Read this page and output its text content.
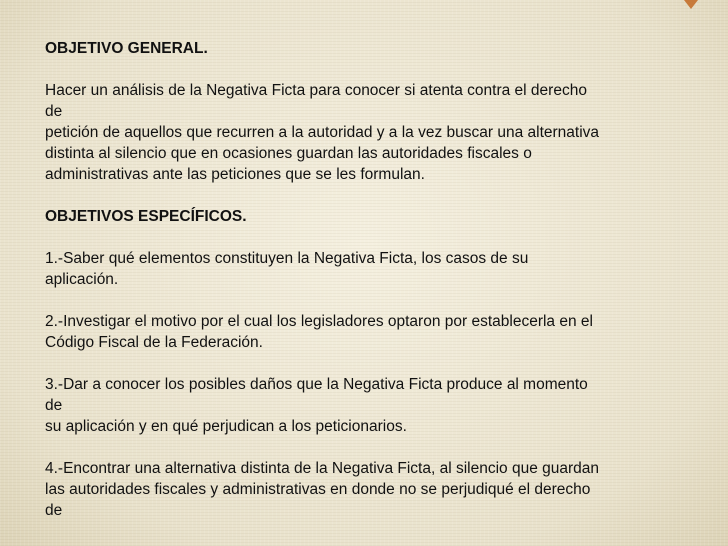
OBJETIVO GENERAL.
Hacer un análisis de la Negativa Ficta para conocer si atenta contra el derecho
de
petición de aquellos que recurren a la autoridad y a la vez buscar una alternativa
distinta al silencio que en ocasiones guardan las autoridades fiscales o
administrativas ante las peticiones que se les formulan.
OBJETIVOS ESPECÍFICOS.
1.-Saber qué elementos constituyen la Negativa Ficta, los casos de su
aplicación.
2.-Investigar el motivo por el cual los legisladores optaron por establecerla en el
Código Fiscal de la Federación.
3.-Dar a conocer los posibles daños que la Negativa Ficta produce al momento
de
su aplicación y en qué perjudican a los peticionarios.
4.-Encontrar una alternativa distinta de la Negativa Ficta, al silencio que guardan
las autoridades fiscales y administrativas en donde no se perjudiqué el derecho
de
